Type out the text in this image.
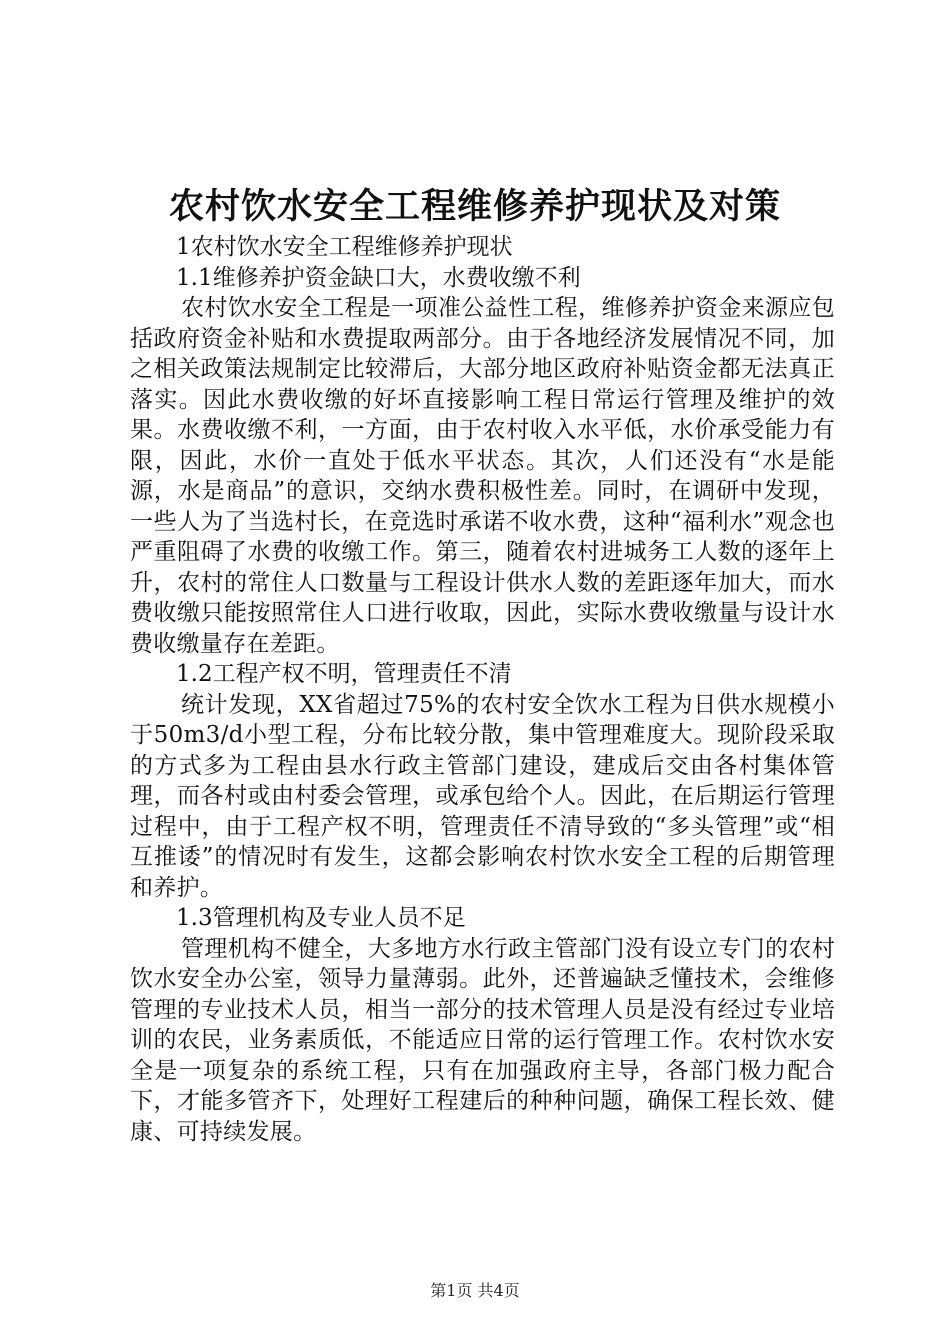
农村饮水安全工程维修养护现状及对策

1农村饮水安全工程维修养护现状

1.1维修养护资金缺口大，水费收缴不利

农村饮水安全工程是一项准公益性工程，维修养护资金来源应包括政府资金补贴和水费提取两部分。由于各地经济发展情况不同，加之相关政策法规制定比较滞后，大部分地区政府补贴资金都无法真正落实。因此水费收缴的好坏直接影响工程日常运行管理及维护的效果。水费收缴不利，一方面，由于农村收入水平低，水价承受能力有限，因此，水价一直处于低水平状态。其次，人们还没有“水是能源，水是商品”的意识，交纳水费积极性差。同时，在调研中发现，一些人为了当选村长，在竞选时承诺不收水费，这种“福利水”观念也严重阻碍了水费的收缴工作。第三，随着农村进城务工人数的逐年上升，农村的常住人口数量与工程设计供水人数的差距逐年加大，而水费收缴只能按照常住人口进行收取，因此，实际水费收缴量与设计水费收缴量存在差距。

1.2工程产权不明，管理责任不清

统计发现，XX省超过75%的农村安全饮水工程为日供水规模小于50m3/d小型工程，分布比较分散，集中管理难度大。现阶段采取的方式多为工程由县水行政主管部门建设，建成后交由各村集体管理，而各村或由村委会管理，或承包给个人。因此，在后期运行管理过程中，由于工程产权不明，管理责任不清导致的“多头管理”或“相互推诿”的情况时有发生，这都会影响农村饮水安全工程的后期管理和养护。

1.3管理机构及专业人员不足

管理机构不健全，大多地方水行政主管部门没有设立专门的农村饮水安全办公室，领导力量薄弱。此外，还普遍缺乏懂技术，会维修管理的专业技术人员，相当一部分的技术管理人员是没有经过专业培训的农民，业务素质低，不能适应日常的运行管理工作。农村饮水安全是一项复杂的系统工程，只有在加强政府主导，各部门极力配合下，才能多管齐下，处理好工程建后的种种问题，确保工程长效、健康、可持续发展。

第1页 共4页
